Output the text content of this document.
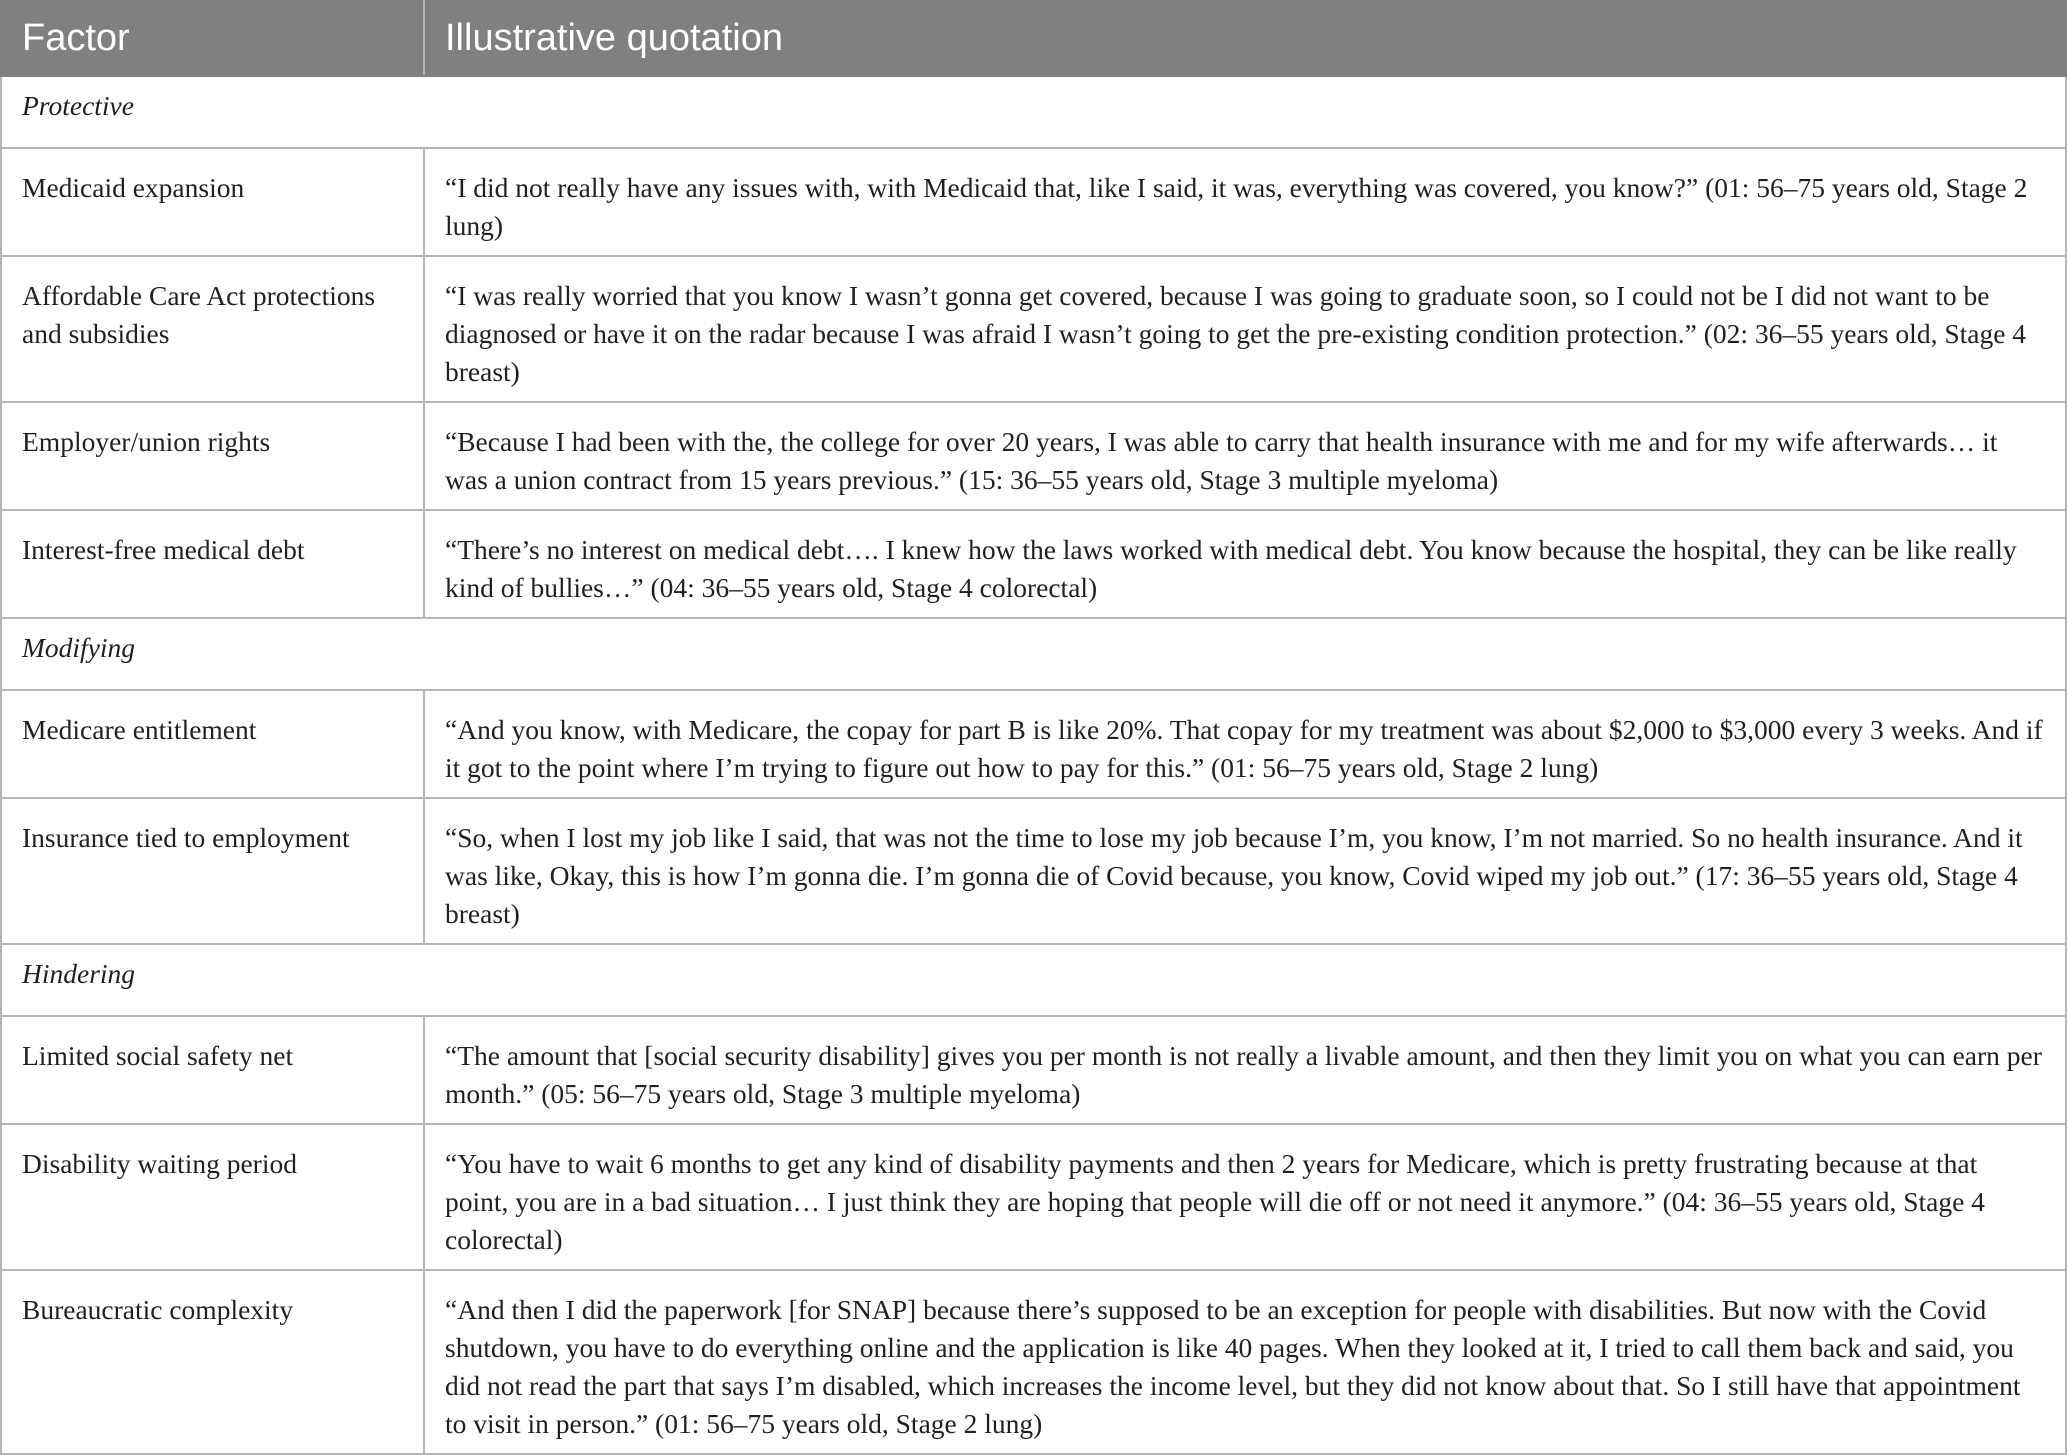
Factor	Illustrative quotation
Protective	
Medicaid expansion	“I did not really have any issues with, with Medicaid that, like I said, it was, everything was covered, you know?” (01: 56–75 years old, Stage 2 lung)
Affordable Care Act protections and subsidies	“I was really worried that you know I wasn’t gonna get covered, because I was going to graduate soon, so I could not be I did not want to be diagnosed or have it on the radar because I was afraid I wasn’t going to get the pre-existing condition protection.” (02: 36–55 years old, Stage 4 breast)
Employer/union rights	“Because I had been with the, the college for over 20 years, I was able to carry that health insurance with me and for my wife afterwards… it was a union contract from 15 years previous.” (15: 36–55 years old, Stage 3 multiple myeloma)
Interest-free medical debt	“There’s no interest on medical debt…. I knew how the laws worked with medical debt. You know because the hospital, they can be like really kind of bullies…” (04: 36–55 years old, Stage 4 colorectal)
Modifying	
Medicare entitlement	“And you know, with Medicare, the copay for part B is like 20%. That copay for my treatment was about $2,000 to $3,000 every 3 weeks. And if it got to the point where I’m trying to figure out how to pay for this.” (01: 56–75 years old, Stage 2 lung)
Insurance tied to employment	“So, when I lost my job like I said, that was not the time to lose my job because I’m, you know, I’m not married. So no health insurance. And it was like, Okay, this is how I’m gonna die. I’m gonna die of Covid because, you know, Covid wiped my job out.” (17: 36–55 years old, Stage 4 breast)
Hindering	
Limited social safety net	“The amount that [social security disability] gives you per month is not really a livable amount, and then they limit you on what you can earn per month.” (05: 56–75 years old, Stage 3 multiple myeloma)
Disability waiting period	“You have to wait 6 months to get any kind of disability payments and then 2 years for Medicare, which is pretty frustrating because at that point, you are in a bad situation… I just think they are hoping that people will die off or not need it anymore.” (04: 36–55 years old, Stage 4 colorectal)
Bureaucratic complexity	“And then I did the paperwork [for SNAP] because there’s supposed to be an exception for people with disabilities. But now with the Covid shutdown, you have to do everything online and the application is like 40 pages. When they looked at it, I tried to call them back and said, you did not read the part that says I’m disabled, which increases the income level, but they did not know about that. So I still have that appointment to visit in person.” (01: 56–75 years old, Stage 2 lung)
